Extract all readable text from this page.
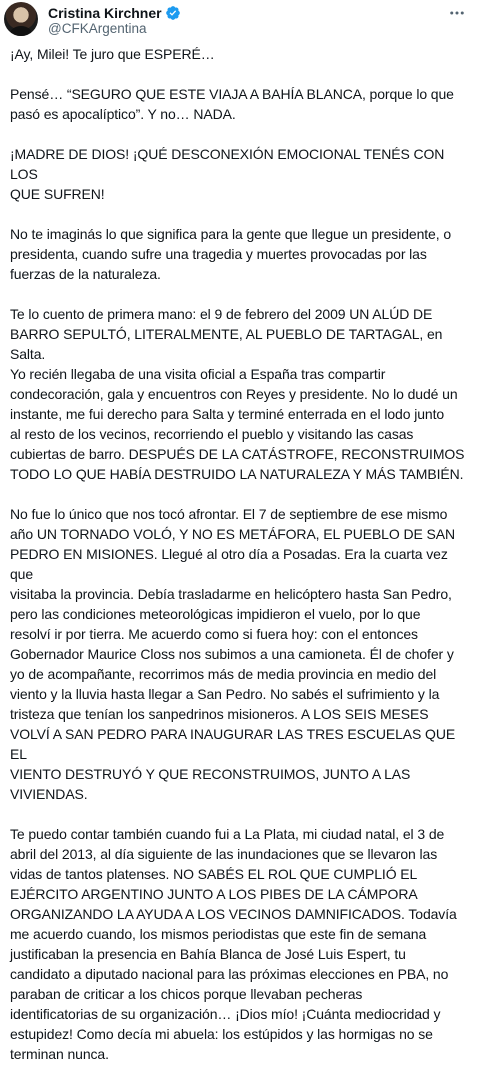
Cristina Kirchner
@CFKArgentina
¡Ay, Milei! Te juro que ESPERÉ…
Pensé… “SEGURO QUE ESTE VIAJA A BAHÍA BLANCA, porque lo que
pasó es apocalíptico”. Y no… NADA.
¡MADRE DE DIOS! ¡QUÉ DESCONEXIÓN EMOCIONAL TENÉS CON LOS
QUE SUFREN!
No te imaginás lo que significa para la gente que llegue un presidente, o
presidenta, cuando sufre una tragedia y muertes provocadas por las
fuerzas de la naturaleza.
Te lo cuento de primera mano: el 9 de febrero del 2009 UN ALÚD DE
BARRO SEPULTÓ, LITERALMENTE, AL PUEBLO DE TARTAGAL, en Salta.
Yo recién llegaba de una visita oficial a España tras compartir
condecoración, gala y encuentros con Reyes y presidente. No lo dudé un
instante, me fui derecho para Salta y terminé enterrada en el lodo junto
al resto de los vecinos, recorriendo el pueblo y visitando las casas
cubiertas de barro. DESPUÉS DE LA CATÁSTROFE, RECONSTRUIMOS
TODO LO QUE HABÍA DESTRUIDO LA NATURALEZA Y MÁS TAMBIÉN.
No fue lo único que nos tocó afrontar. El 7 de septiembre de ese mismo
año UN TORNADO VOLÓ, Y NO ES METÁFORA, EL PUEBLO DE SAN
PEDRO EN MISIONES. Llegué al otro día a Posadas. Era la cuarta vez que
visitaba la provincia. Debía trasladarme en helicóptero hasta San Pedro,
pero las condiciones meteorológicas impidieron el vuelo, por lo que
resolví ir por tierra. Me acuerdo como si fuera hoy: con el entonces
Gobernador Maurice Closs nos subimos a una camioneta. Él de chofer y
yo de acompañante, recorrimos más de media provincia en medio del
viento y la lluvia hasta llegar a San Pedro. No sabés el sufrimiento y la
tristeza que tenían los sanpedrinos misioneros. A LOS SEIS MESES
VOLVÍ A SAN PEDRO PARA INAUGURAR LAS TRES ESCUELAS QUE EL
VIENTO DESTRUYÓ Y QUE RECONSTRUIMOS, JUNTO A LAS VIVIENDAS.
Te puedo contar también cuando fui a La Plata, mi ciudad natal, el 3 de
abril del 2013, al día siguiente de las inundaciones que se llevaron las
vidas de tantos platenses. NO SABÉS EL ROL QUE CUMPLIÓ EL
EJÉRCITO ARGENTINO JUNTO A LOS PIBES DE LA CÁMPORA
ORGANIZANDO LA AYUDA A LOS VECINOS DAMNIFICADOS. Todavía
me acuerdo cuando, los mismos periodistas que este fin de semana
justificaban la presencia en Bahía Blanca de José Luis Espert, tu
candidato a diputado nacional para las próximas elecciones en PBA, no
paraban de criticar a los chicos porque llevaban pecheras
identificatorias de su organización… ¡Dios mío! ¡Cuánta mediocridad y
estupidez! Como decía mi abuela: los estúpidos y las hormigas no se
terminan nunca.
